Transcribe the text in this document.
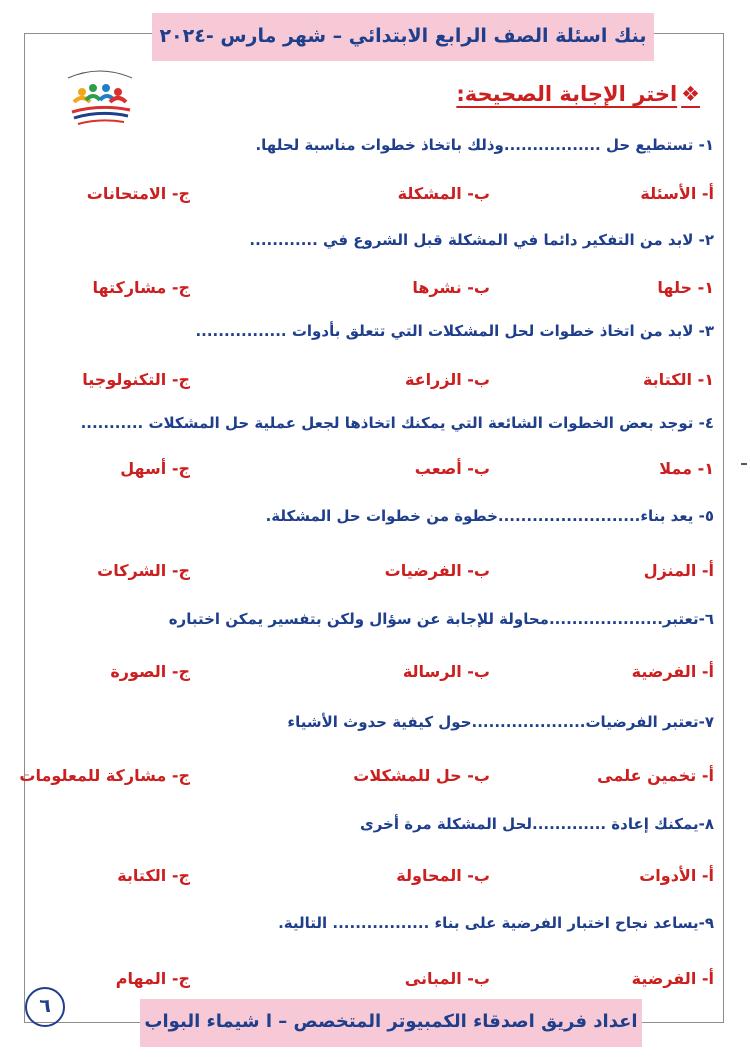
بنك اسئلة الصف الرابع الابتدائي – شهر مارس -٢٠٢٤
❖اختر الإجابة الصحيحة:
١- تستطيع حل .................وذلك باتخاذ خطوات مناسبة لحلها.
أ- الأسئلة
ب- المشكلة
ج- الامتحانات
٢- لابد من التفكير دائما في المشكلة قبل الشروع في ............
١- حلها
ب- نشرها
ج- مشاركتها
٣- لابد من اتخاذ خطوات لحل المشكلات التي تتعلق بأدوات ................
١- الكتابة
ب- الزراعة
ج- التكنولوجيا
٤- توجد بعض الخطوات الشائعة التي يمكنك اتخاذها لجعل عملية حل المشكلات ...........
١- مملا
ب- أصعب
ج- أسهل
٥- يعد بناء.........................خطوة من خطوات حل المشكلة.
أ- المنزل
ب- الفرضيات
ج- الشركات
٦-تعتبر....................محاولة للإجابة عن سؤال ولكن بتفسير يمكن اختباره
أ- الفرضية
ب- الرسالة
ج- الصورة
٧-تعتبر الفرضيات....................حول كيفية حدوث الأشياء
أ- تخمين علمى
ب- حل للمشكلات
ج- مشاركة للمعلومات
٨-يمكنك إعادة .............لحل المشكلة مرة أخرى
أ- الأدوات
ب- المحاولة
ج- الكتابة
٩-يساعد نجاح اختبار الفرضية على بناء ................. التالية.
أ- الفرضية
ب- المبانى
ج- المهام
٦
اعداد فريق اصدقاء الكمبيوتر المتخصص – ا شيماء البواب
